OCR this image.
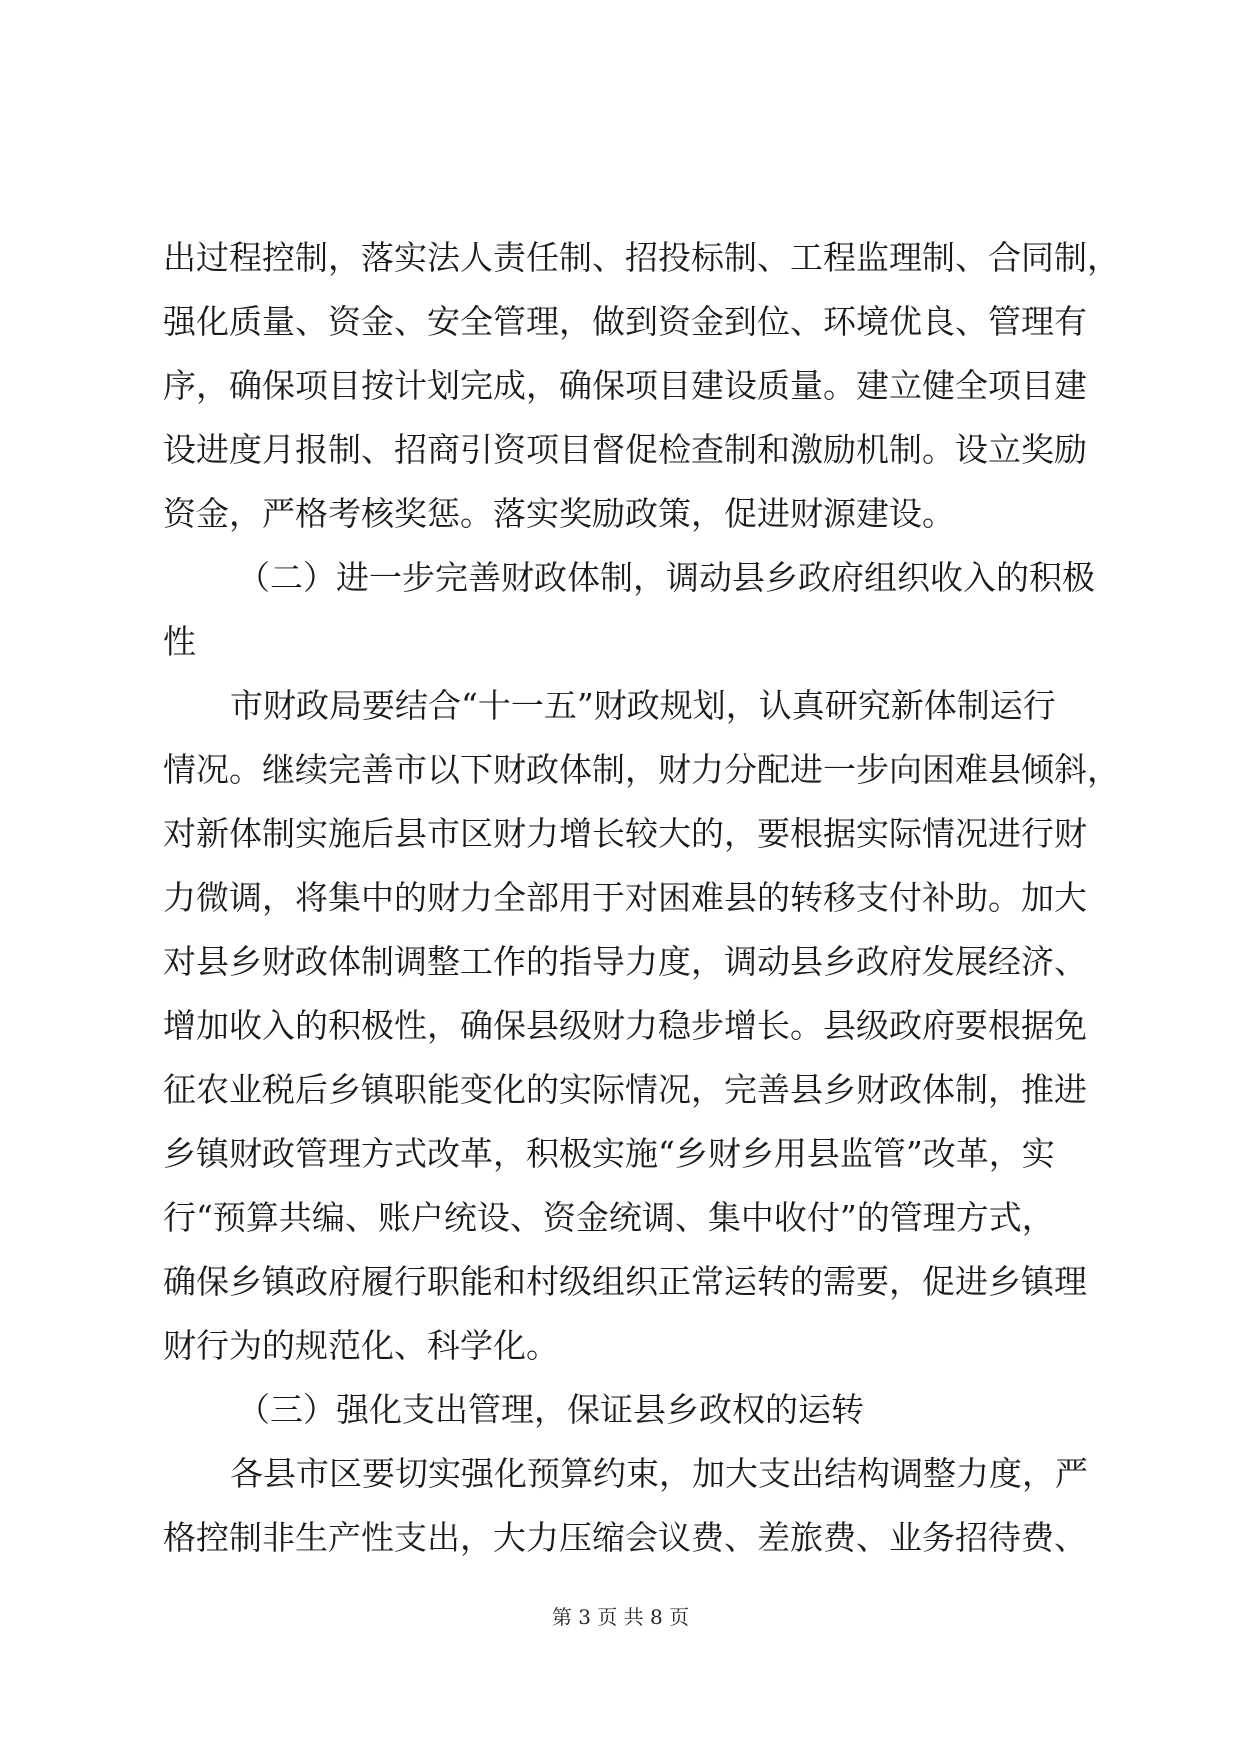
出过程控制，落实法人责任制、招投标制、工程监理制、合同制，
强化质量、资金、安全管理，做到资金到位、环境优良、管理有
序，确保项目按计划完成，确保项目建设质量。建立健全项目建
设进度月报制、招商引资项目督促检查制和激励机制。设立奖励
资金，严格考核奖惩。落实奖励政策，促进财源建设。
（二）进一步完善财政体制，调动县乡政府组织收入的积极
性
市财政局要结合“十一五”财政规划，认真研究新体制运行
情况。继续完善市以下财政体制，财力分配进一步向困难县倾斜，
对新体制实施后县市区财力增长较大的，要根据实际情况进行财
力微调，将集中的财力全部用于对困难县的转移支付补助。加大
对县乡财政体制调整工作的指导力度，调动县乡政府发展经济、
增加收入的积极性，确保县级财力稳步增长。县级政府要根据免
征农业税后乡镇职能变化的实际情况，完善县乡财政体制，推进
乡镇财政管理方式改革，积极实施“乡财乡用县监管”改革，实
行“预算共编、账户统设、资金统调、集中收付”的管理方式，
确保乡镇政府履行职能和村级组织正常运转的需要，促进乡镇理
财行为的规范化、科学化。
（三）强化支出管理，保证县乡政权的运转
各县市区要切实强化预算约束，加大支出结构调整力度，严
格控制非生产性支出，大力压缩会议费、差旅费、业务招待费、
第 3 页 共 8 页
